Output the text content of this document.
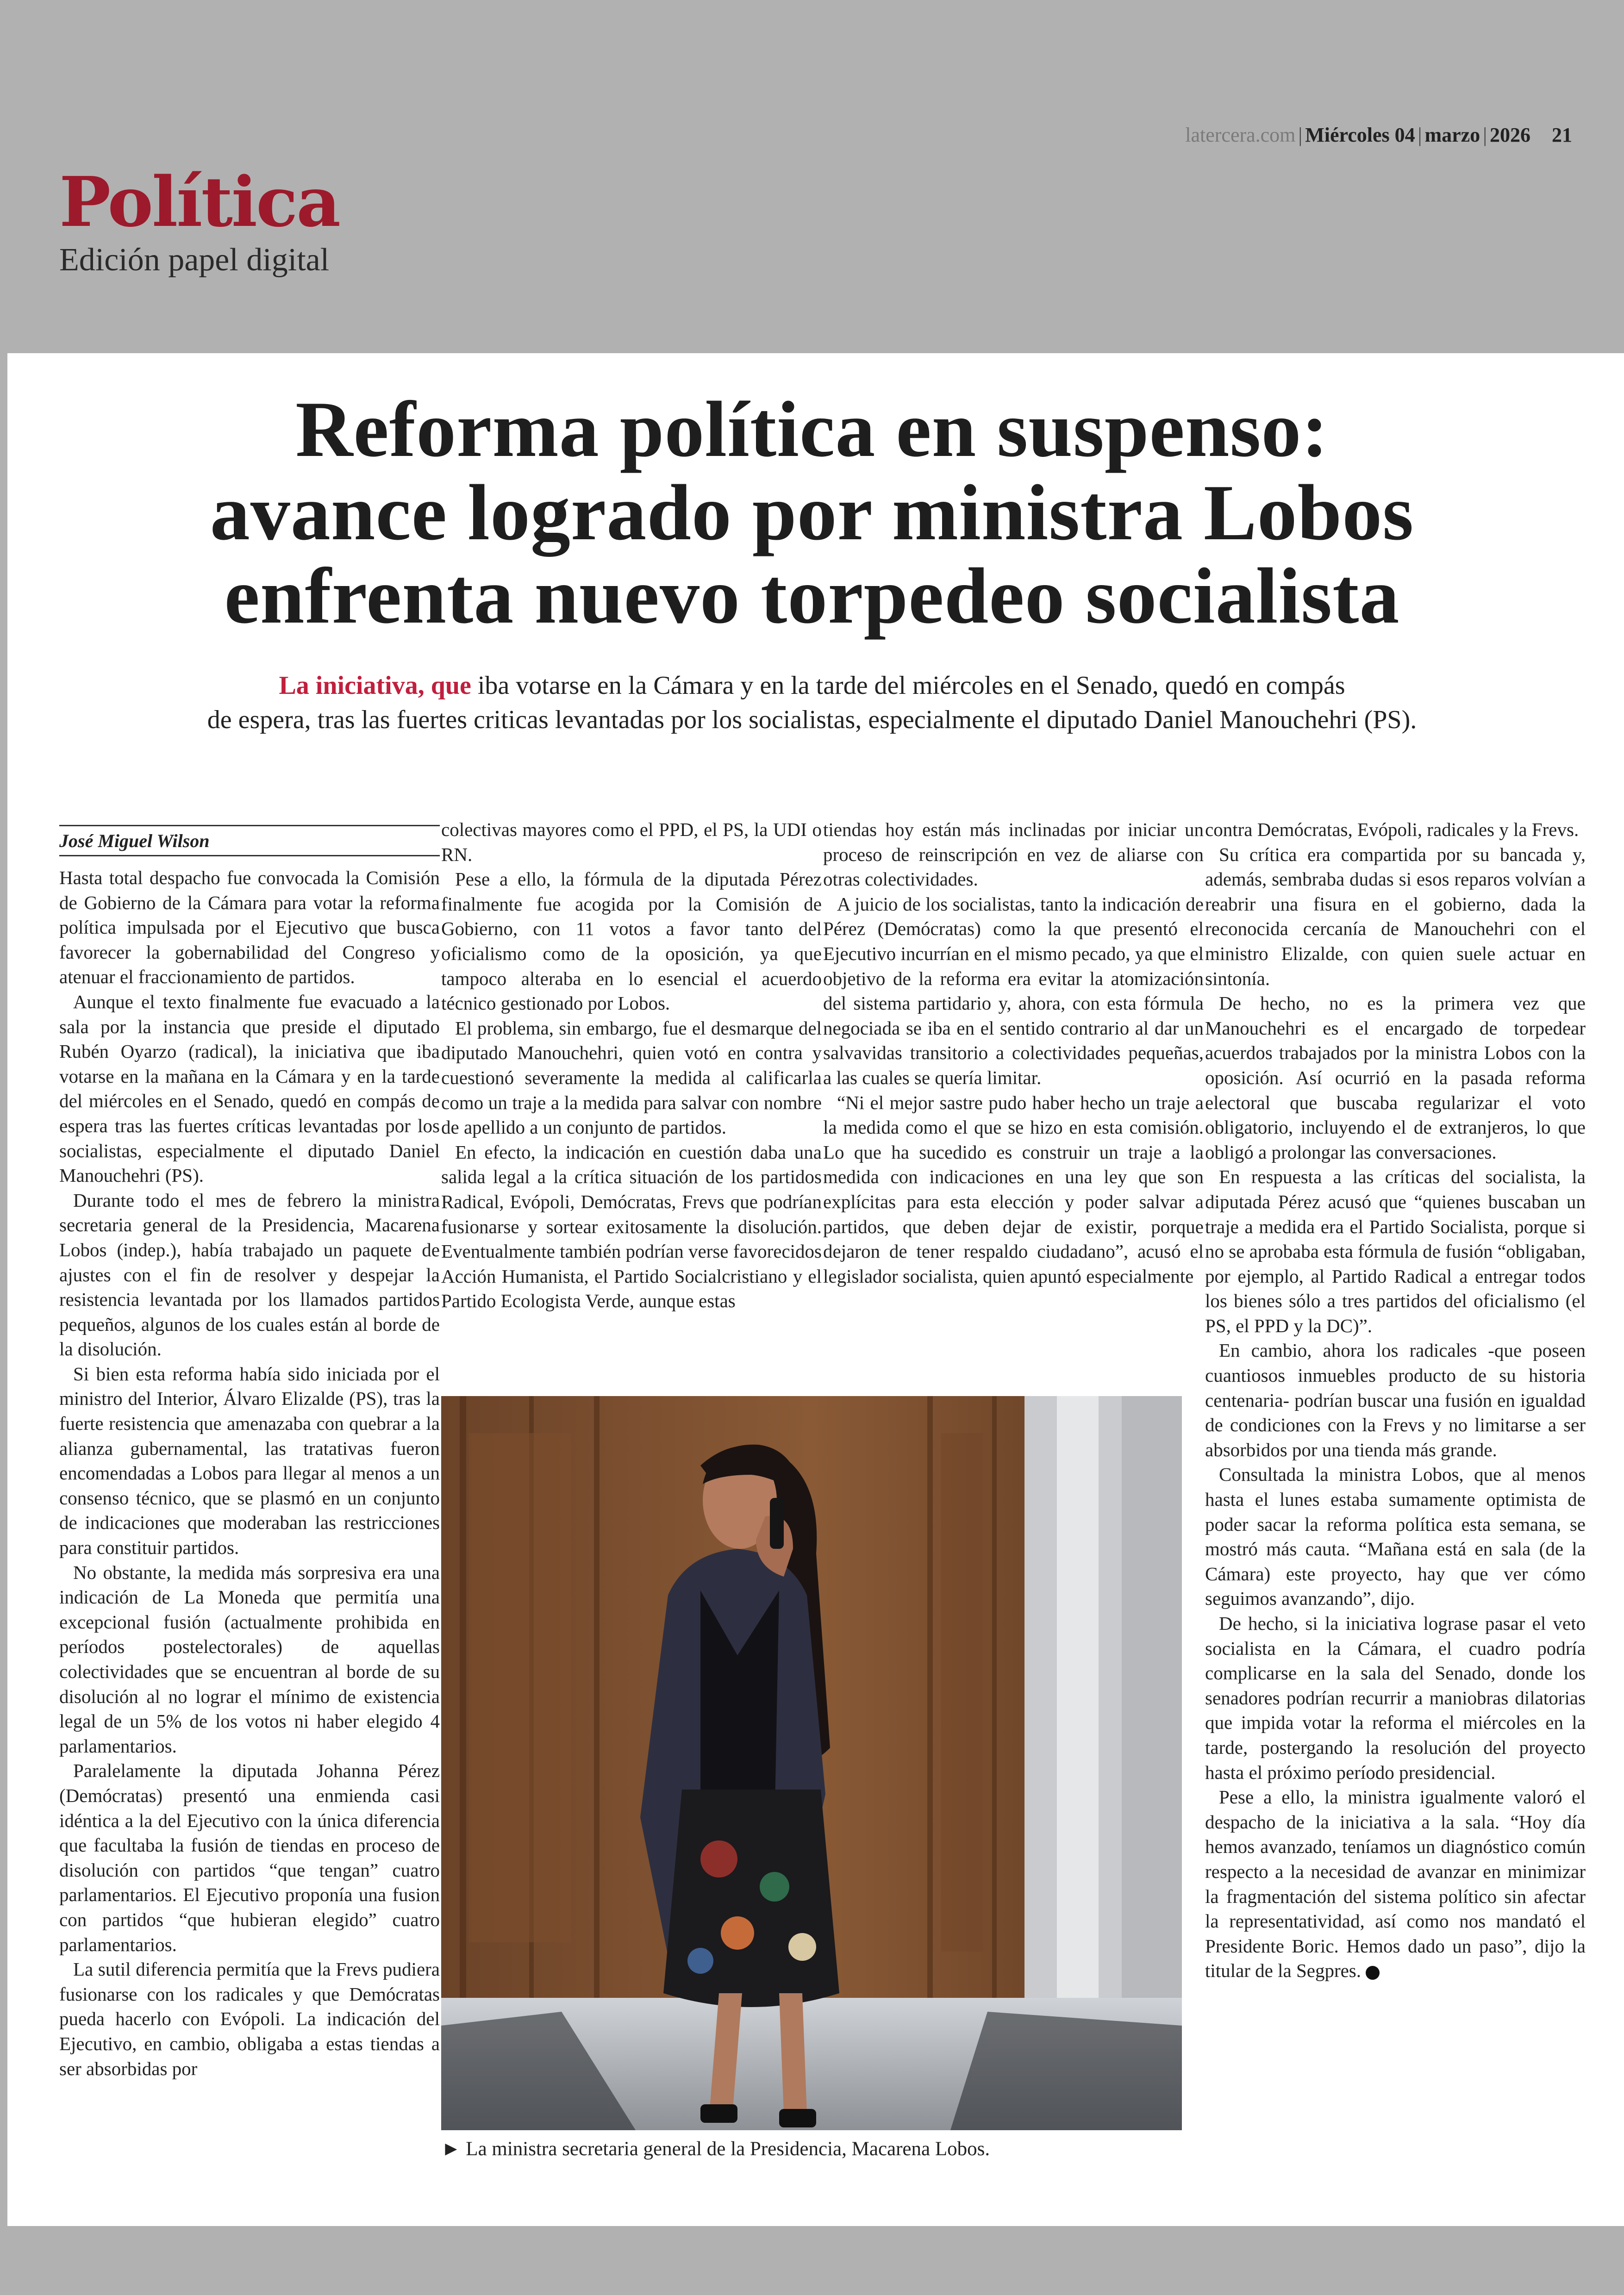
latercera.com | Miércoles 04 | marzo | 2026 21
Política
Edición papel digital
Reforma política en suspenso:
avance logrado por ministra Lobos
enfrenta nuevo torpedeo socialista
La iniciativa, que iba votarse en la Cámara y en la tarde del miércoles en el Senado, quedó en compás
de espera, tras las fuertes criticas levantadas por los socialistas, especialmente el diputado Daniel Manouchehri (PS).
José Miguel Wilson

Hasta total despacho fue convocada la Comisión de Gobierno de la Cámara para votar la reforma política impulsada por el Ejecutivo que busca favorecer la gobernabilidad del Congreso y atenuar el fraccionamiento de partidos.

Aunque el texto finalmente fue evacuado a la sala por la instancia que preside el diputado Rubén Oyarzo (radical), la iniciativa que iba votarse en la mañana en la Cámara y en la tarde del miércoles en el Senado, quedó en compás de espera tras las fuertes críticas levantadas por los socialistas, especialmente el diputado Daniel Manouchehri (PS).

Durante todo el mes de febrero la ministra secretaria general de la Presidencia, Macarena Lobos (indep.), había trabajado un paquete de ajustes con el fin de resolver y despejar la resistencia levantada por los llamados partidos pequeños, algunos de los cuales están al borde de la disolución.

Si bien esta reforma había sido iniciada por el ministro del Interior, Álvaro Elizalde (PS), tras la fuerte resistencia que amenazaba con quebrar a la alianza gubernamental, las tratativas fueron encomendadas a Lobos para llegar al menos a un consenso técnico, que se plasmó en un conjunto de indicaciones que moderaban las restricciones para constituir partidos.

No obstante, la medida más sorpresiva era una indicación de La Moneda que permitía una excepcional fusión (actualmente prohibida en períodos postelectorales) de aquellas colectividades que se encuentran al borde de su disolución al no lograr el mínimo de existencia legal de un 5% de los votos ni haber elegido 4 parlamentarios.

Paralelamente la diputada Johanna Pérez (Demócratas) presentó una enmienda casi idéntica a la del Ejecutivo con la única diferencia que facultaba la fusión de tiendas en proceso de disolución con partidos “que tengan” cuatro parlamentarios. El Ejecutivo proponía una fusion con partidos “que hubieran elegido” cuatro parlamentarios.

La sutil diferencia permitía que la Frevs pudiera fusionarse con los radicales y que Demócratas pueda hacerlo con Evópoli. La indicación del Ejecutivo, en cambio, obligaba a estas tiendas a ser absorbidas por

colectivas mayores como el PPD, el PS, la UDI o RN.

Pese a ello, la fórmula de la diputada Pérez finalmente fue acogida por la Comisión de Gobierno, con 11 votos a favor tanto del oficialismo como de la oposición, ya que tampoco alteraba en lo esencial el acuerdo técnico gestionado por Lobos.

El problema, sin embargo, fue el desmarque del diputado Manouchehri, quien votó en contra y cuestionó severamente la medida al calificarla como un traje a la medida para salvar con nombre de apellido a un conjunto de partidos.

En efecto, la indicación en cuestión daba una salida legal a la crítica situación de los partidos Radical, Evópoli, Demócratas, Frevs que podrían fusionarse y sortear exitosamente la disolución. Eventualmente también podrían verse favorecidos Acción Humanista, el Partido Socialcristiano y el Partido Ecologista Verde, aunque estas

tiendas hoy están más inclinadas por iniciar un proceso de reinscripción en vez de aliarse con otras colectividades.

A juicio de los socialistas, tanto la indicación de Pérez (Demócratas) como la que presentó el Ejecutivo incurrían en el mismo pecado, ya que el objetivo de la reforma era evitar la atomización del sistema partidario y, ahora, con esta fórmula negociada se iba en el sentido contrario al dar un salvavidas transitorio a colectividades pequeñas, a las cuales se quería limitar.

“Ni el mejor sastre pudo haber hecho un traje a la medida como el que se hizo en esta comisión. Lo que ha sucedido es construir un traje a la medida con indicaciones en una ley que son explícitas para esta elección y poder salvar a partidos, que deben dejar de existir, porque dejaron de tener respaldo ciudadano”, acusó el legislador socialista, quien apuntó especialmente

contra Demócratas, Evópoli, radicales y la Frevs.

Su crítica era compartida por su bancada y, además, sembraba dudas si esos reparos volvían a reabrir una fisura en el gobierno, dada la reconocida cercanía de Manouchehri con el ministro Elizalde, con quien suele actuar en sintonía.

De hecho, no es la primera vez que Manouchehri es el encargado de torpedear acuerdos trabajados por la ministra Lobos con la oposición. Así ocurrió en la pasada reforma electoral que buscaba regularizar el voto obligatorio, incluyendo el de extranjeros, lo que obligó a prolongar las conversaciones.

En respuesta a las críticas del socialista, la diputada Pérez acusó que “quienes buscaban un traje a medida era el Partido Socialista, porque si no se aprobaba esta fórmula de fusión “obligaban, por ejemplo, al Partido Radical a entregar todos los bienes sólo a tres partidos del oficialismo (el PS, el PPD y la DC)”.

En cambio, ahora los radicales -que poseen cuantiosos inmuebles producto de su historia centenaria- podrían buscar una fusión en igualdad de condiciones con la Frevs y no limitarse a ser absorbidos por una tienda más grande.

Consultada la ministra Lobos, que al menos hasta el lunes estaba sumamente optimista de poder sacar la reforma política esta semana, se mostró más cauta. “Mañana está en sala (de la Cámara) este proyecto, hay que ver cómo seguimos avanzando”, dijo.

De hecho, si la iniciativa lograse pasar el veto socialista en la Cámara, el cuadro podría complicarse en la sala del Senado, donde los senadores podrían recurrir a maniobras dilatorias que impida votar la reforma el miércoles en la tarde, postergando la resolución del proyecto hasta el próximo período presidencial.

Pese a ello, la ministra igualmente valoró el despacho de la iniciativa a la sala. “Hoy día hemos avanzado, teníamos un diagnóstico común respecto a la necesidad de avanzar en minimizar la fragmentación del sistema político sin afectar la representatividad, así como nos mandató el Presidente Boric. Hemos dado un paso”, dijo la titular de la Segpres.

► La ministra secretaria general de la Presidencia, Macarena Lobos.
